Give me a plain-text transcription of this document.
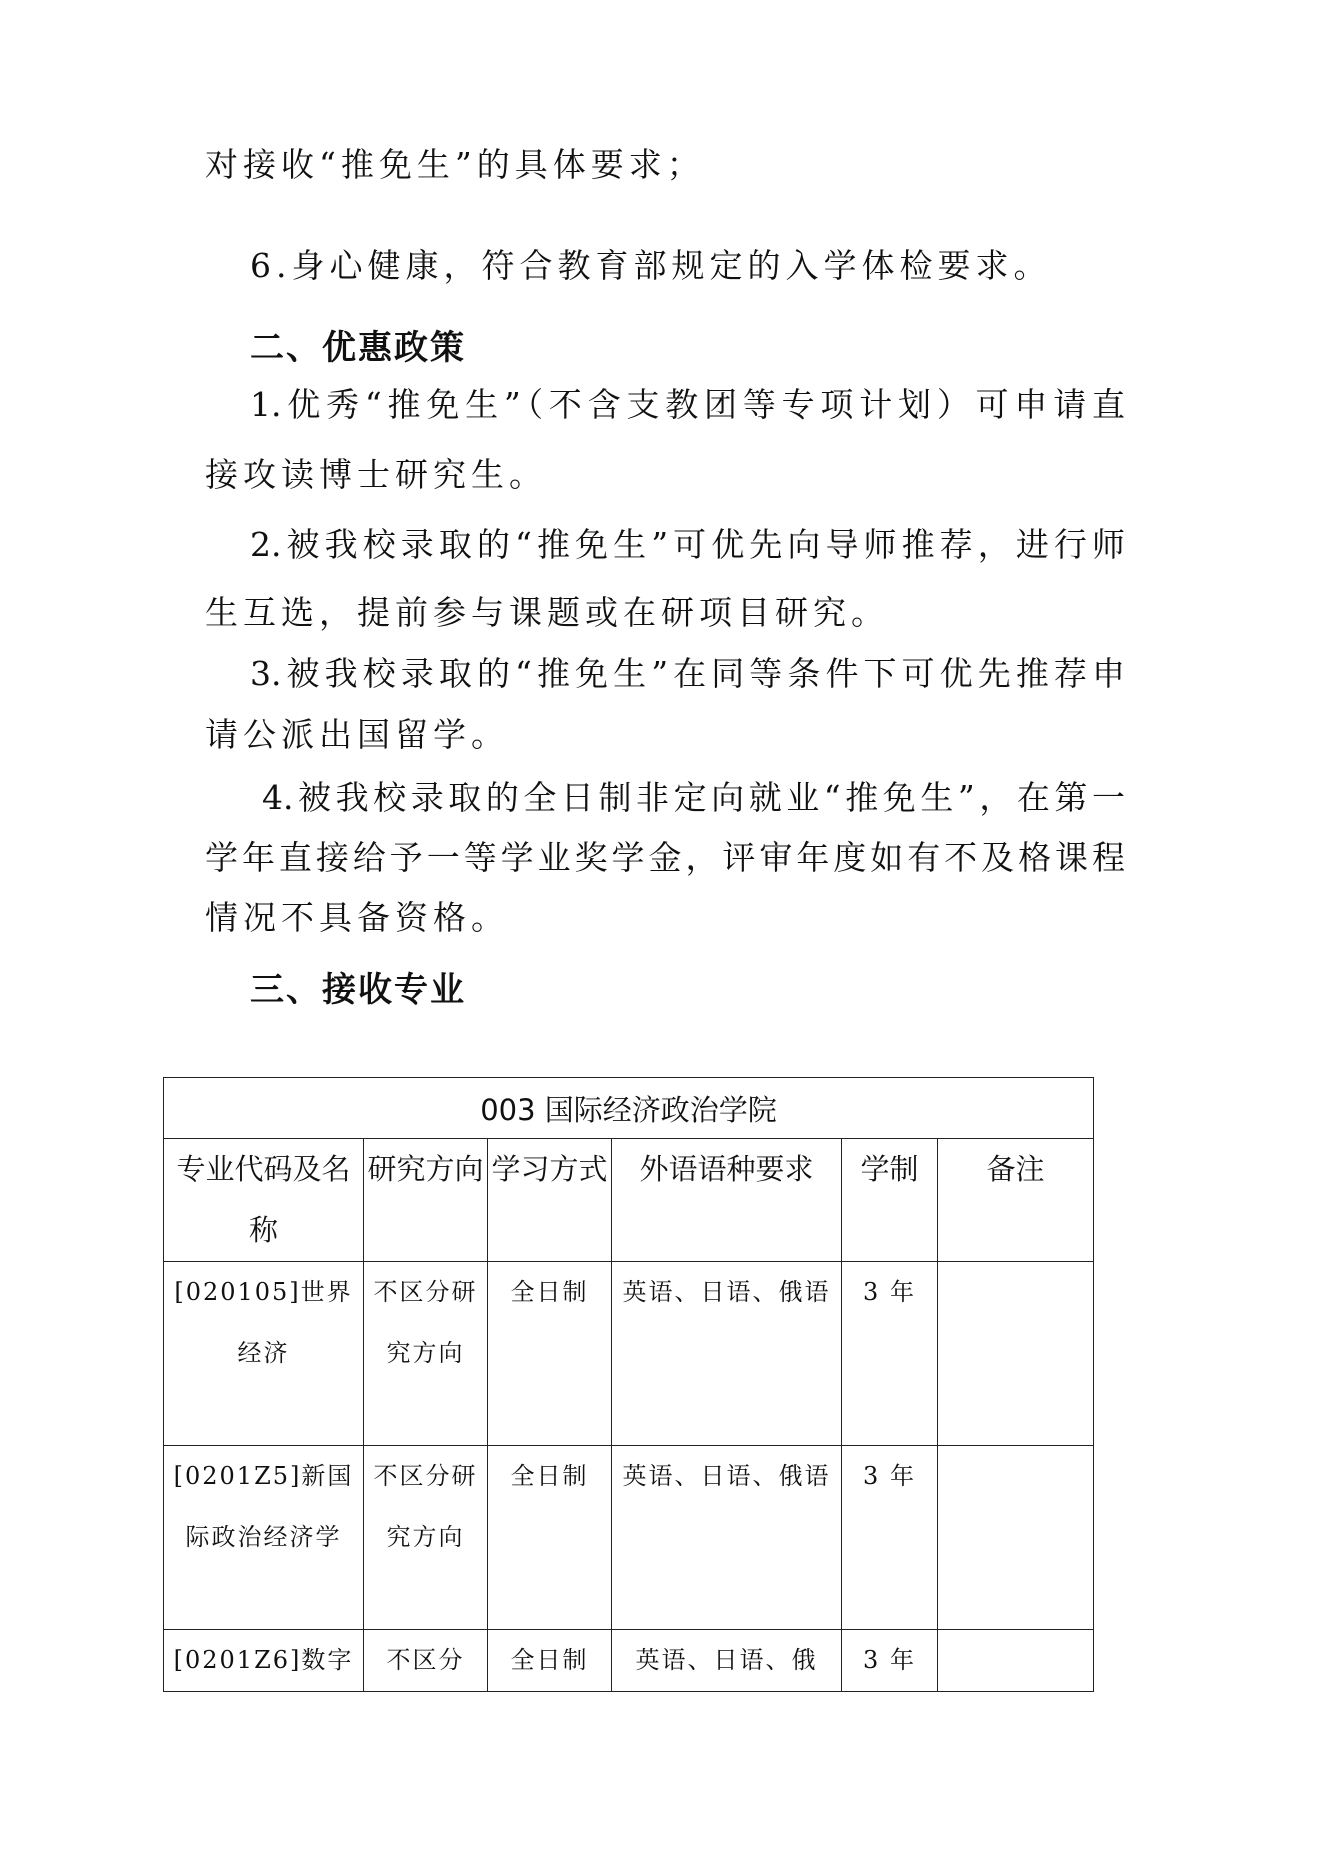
对接收“推免生”的具体要求；
6.身心健康，符合教育部规定的入学体检要求。
二、优惠政策
1.优秀“推免生”（不含支教团等专项计划）可申请直
接攻读博士研究生。
2.被我校录取的“推免生”可优先向导师推荐，进行师
生互选，提前参与课题或在研项目研究。
3.被我校录取的“推免生”在同等条件下可优先推荐申
请公派出国留学。
4.被我校录取的全日制非定向就业“推免生”，在第一
学年直接给予一等学业奖学金，评审年度如有不及格课程
情况不具备资格。
三、接收专业
003 国际经济政治学院					
专业代码及名称	研究方向	学习方式	外语语种要求	学制	备注
[020105]世界经济	不区分研究方向	全日制	英语、日语、俄语	3 年	
[0201Z5]新国际政治经济学	不区分研究方向	全日制	英语、日语、俄语	3 年	
[0201Z6]数字	不区分	全日制	英语、日语、俄	3 年	
